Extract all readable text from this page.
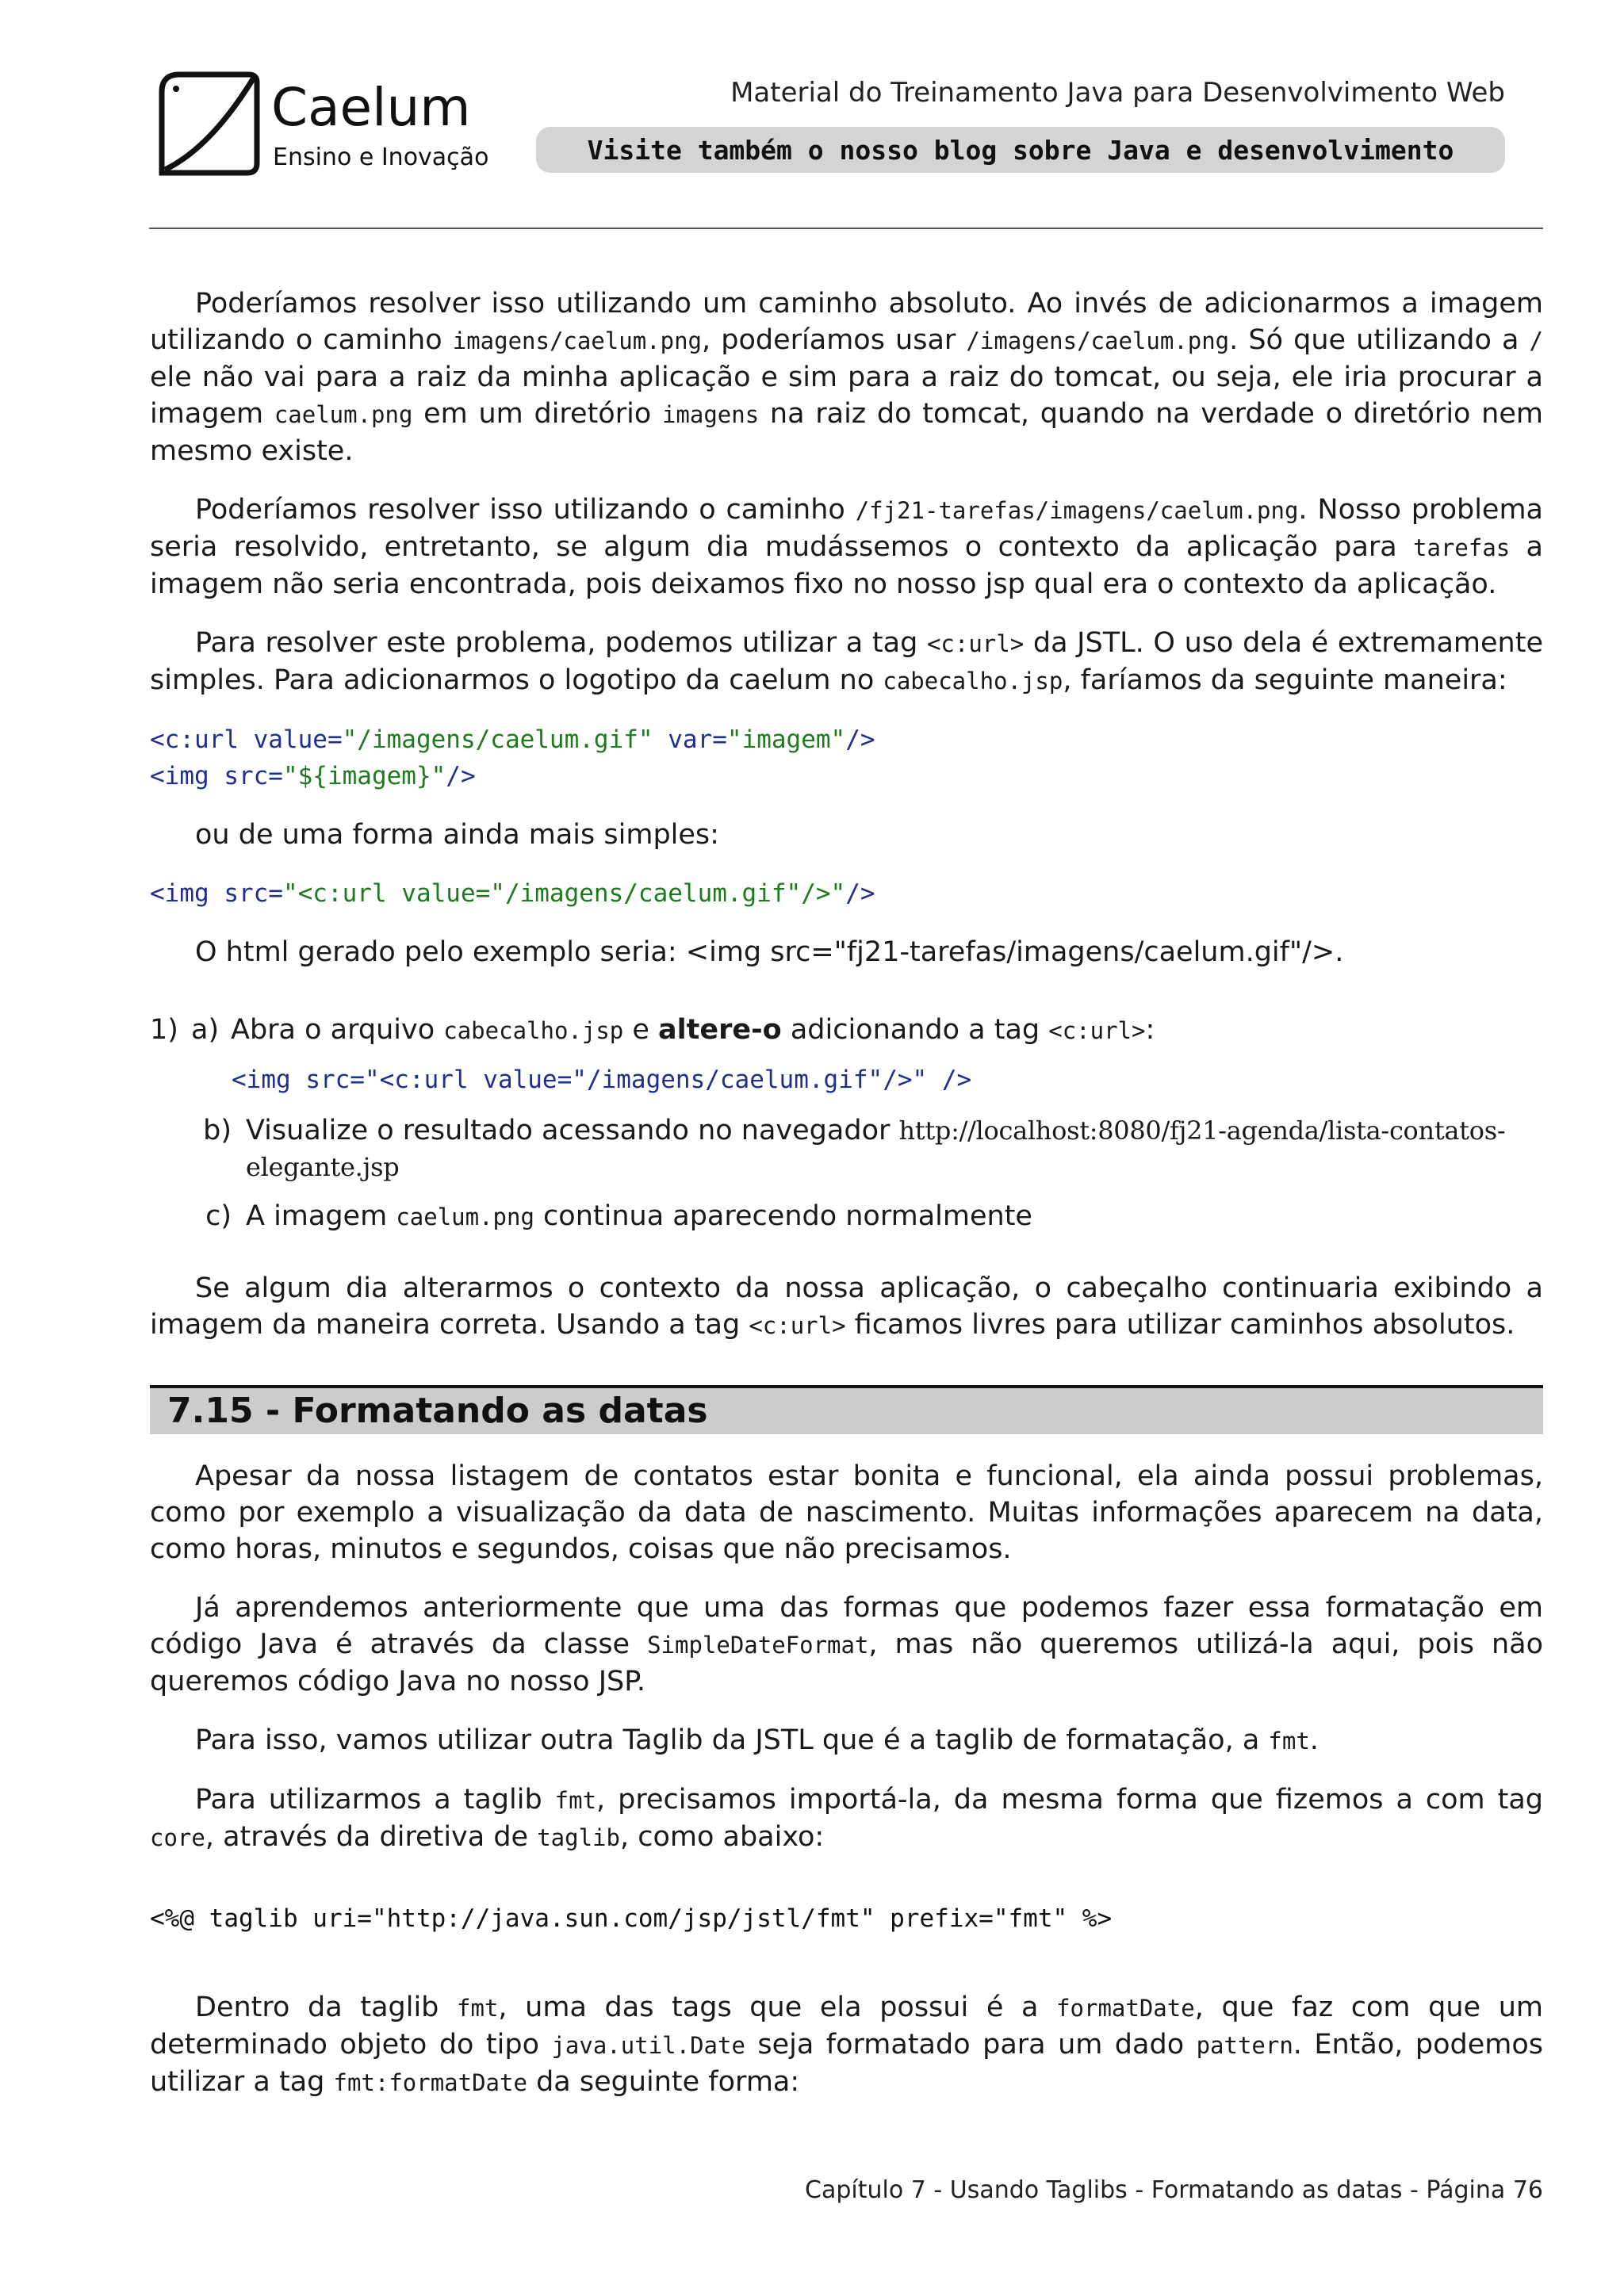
Caelum
Ensino e Inovação
Material do Treinamento Java para Desenvolvimento Web
Visite também o nosso blog sobre Java e desenvolvimento

Poderíamos resolver isso utilizando um caminho absoluto. Ao invés de adicionarmos a imagem utilizando o caminho imagens/caelum.png, poderíamos usar /imagens/caelum.png. Só que utilizando a / ele não vai para a raiz da minha aplicação e sim para a raiz do tomcat, ou seja, ele iria procurar a imagem caelum.png em um diretório imagens na raiz do tomcat, quando na verdade o diretório nem mesmo existe.

Poderíamos resolver isso utilizando o caminho /fj21-tarefas/imagens/caelum.png. Nosso problema seria resolvido, entretanto, se algum dia mudássemos o contexto da aplicação para tarefas a imagem não seria encontrada, pois deixamos fixo no nosso jsp qual era o contexto da aplicação.

Para resolver este problema, podemos utilizar a tag <c:url> da JSTL. O uso dela é extremamente simples. Para adicionarmos o logotipo da caelum no cabecalho.jsp, faríamos da seguinte maneira:

<c:url value="/imagens/caelum.gif" var="imagem"/>
<img src="${imagem}"/>

ou de uma forma ainda mais simples:

<img src="<c:url value="/imagens/caelum.gif"/>"/>

O html gerado pelo exemplo seria: <img src="fj21-tarefas/imagens/caelum.gif"/>.

1) a) Abra o arquivo cabecalho.jsp e altere-o adicionando a tag <c:url>:
<img src="<c:url value="/imagens/caelum.gif"/>" />
b) Visualize o resultado acessando no navegador http://localhost:8080/fj21-agenda/lista-contatos-elegante.jsp
c) A imagem caelum.png continua aparecendo normalmente

Se algum dia alterarmos o contexto da nossa aplicação, o cabeçalho continuaria exibindo a imagem da maneira correta. Usando a tag <c:url> ficamos livres para utilizar caminhos absolutos.

7.15 - Formatando as datas

Apesar da nossa listagem de contatos estar bonita e funcional, ela ainda possui problemas, como por exemplo a visualização da data de nascimento. Muitas informações aparecem na data, como horas, minutos e segundos, coisas que não precisamos.

Já aprendemos anteriormente que uma das formas que podemos fazer essa formatação em código Java é através da classe SimpleDateFormat, mas não queremos utilizá-la aqui, pois não queremos código Java no nosso JSP.

Para isso, vamos utilizar outra Taglib da JSTL que é a taglib de formatação, a fmt.

Para utilizarmos a taglib fmt, precisamos importá-la, da mesma forma que fizemos a com tag core, através da diretiva de taglib, como abaixo:

<%@ taglib uri="http://java.sun.com/jsp/jstl/fmt" prefix="fmt" %>

Dentro da taglib fmt, uma das tags que ela possui é a formatDate, que faz com que um determinado objeto do tipo java.util.Date seja formatado para um dado pattern. Então, podemos utilizar a tag fmt:formatDate da seguinte forma:

Capítulo 7 - Usando Taglibs - Formatando as datas - Página 76
